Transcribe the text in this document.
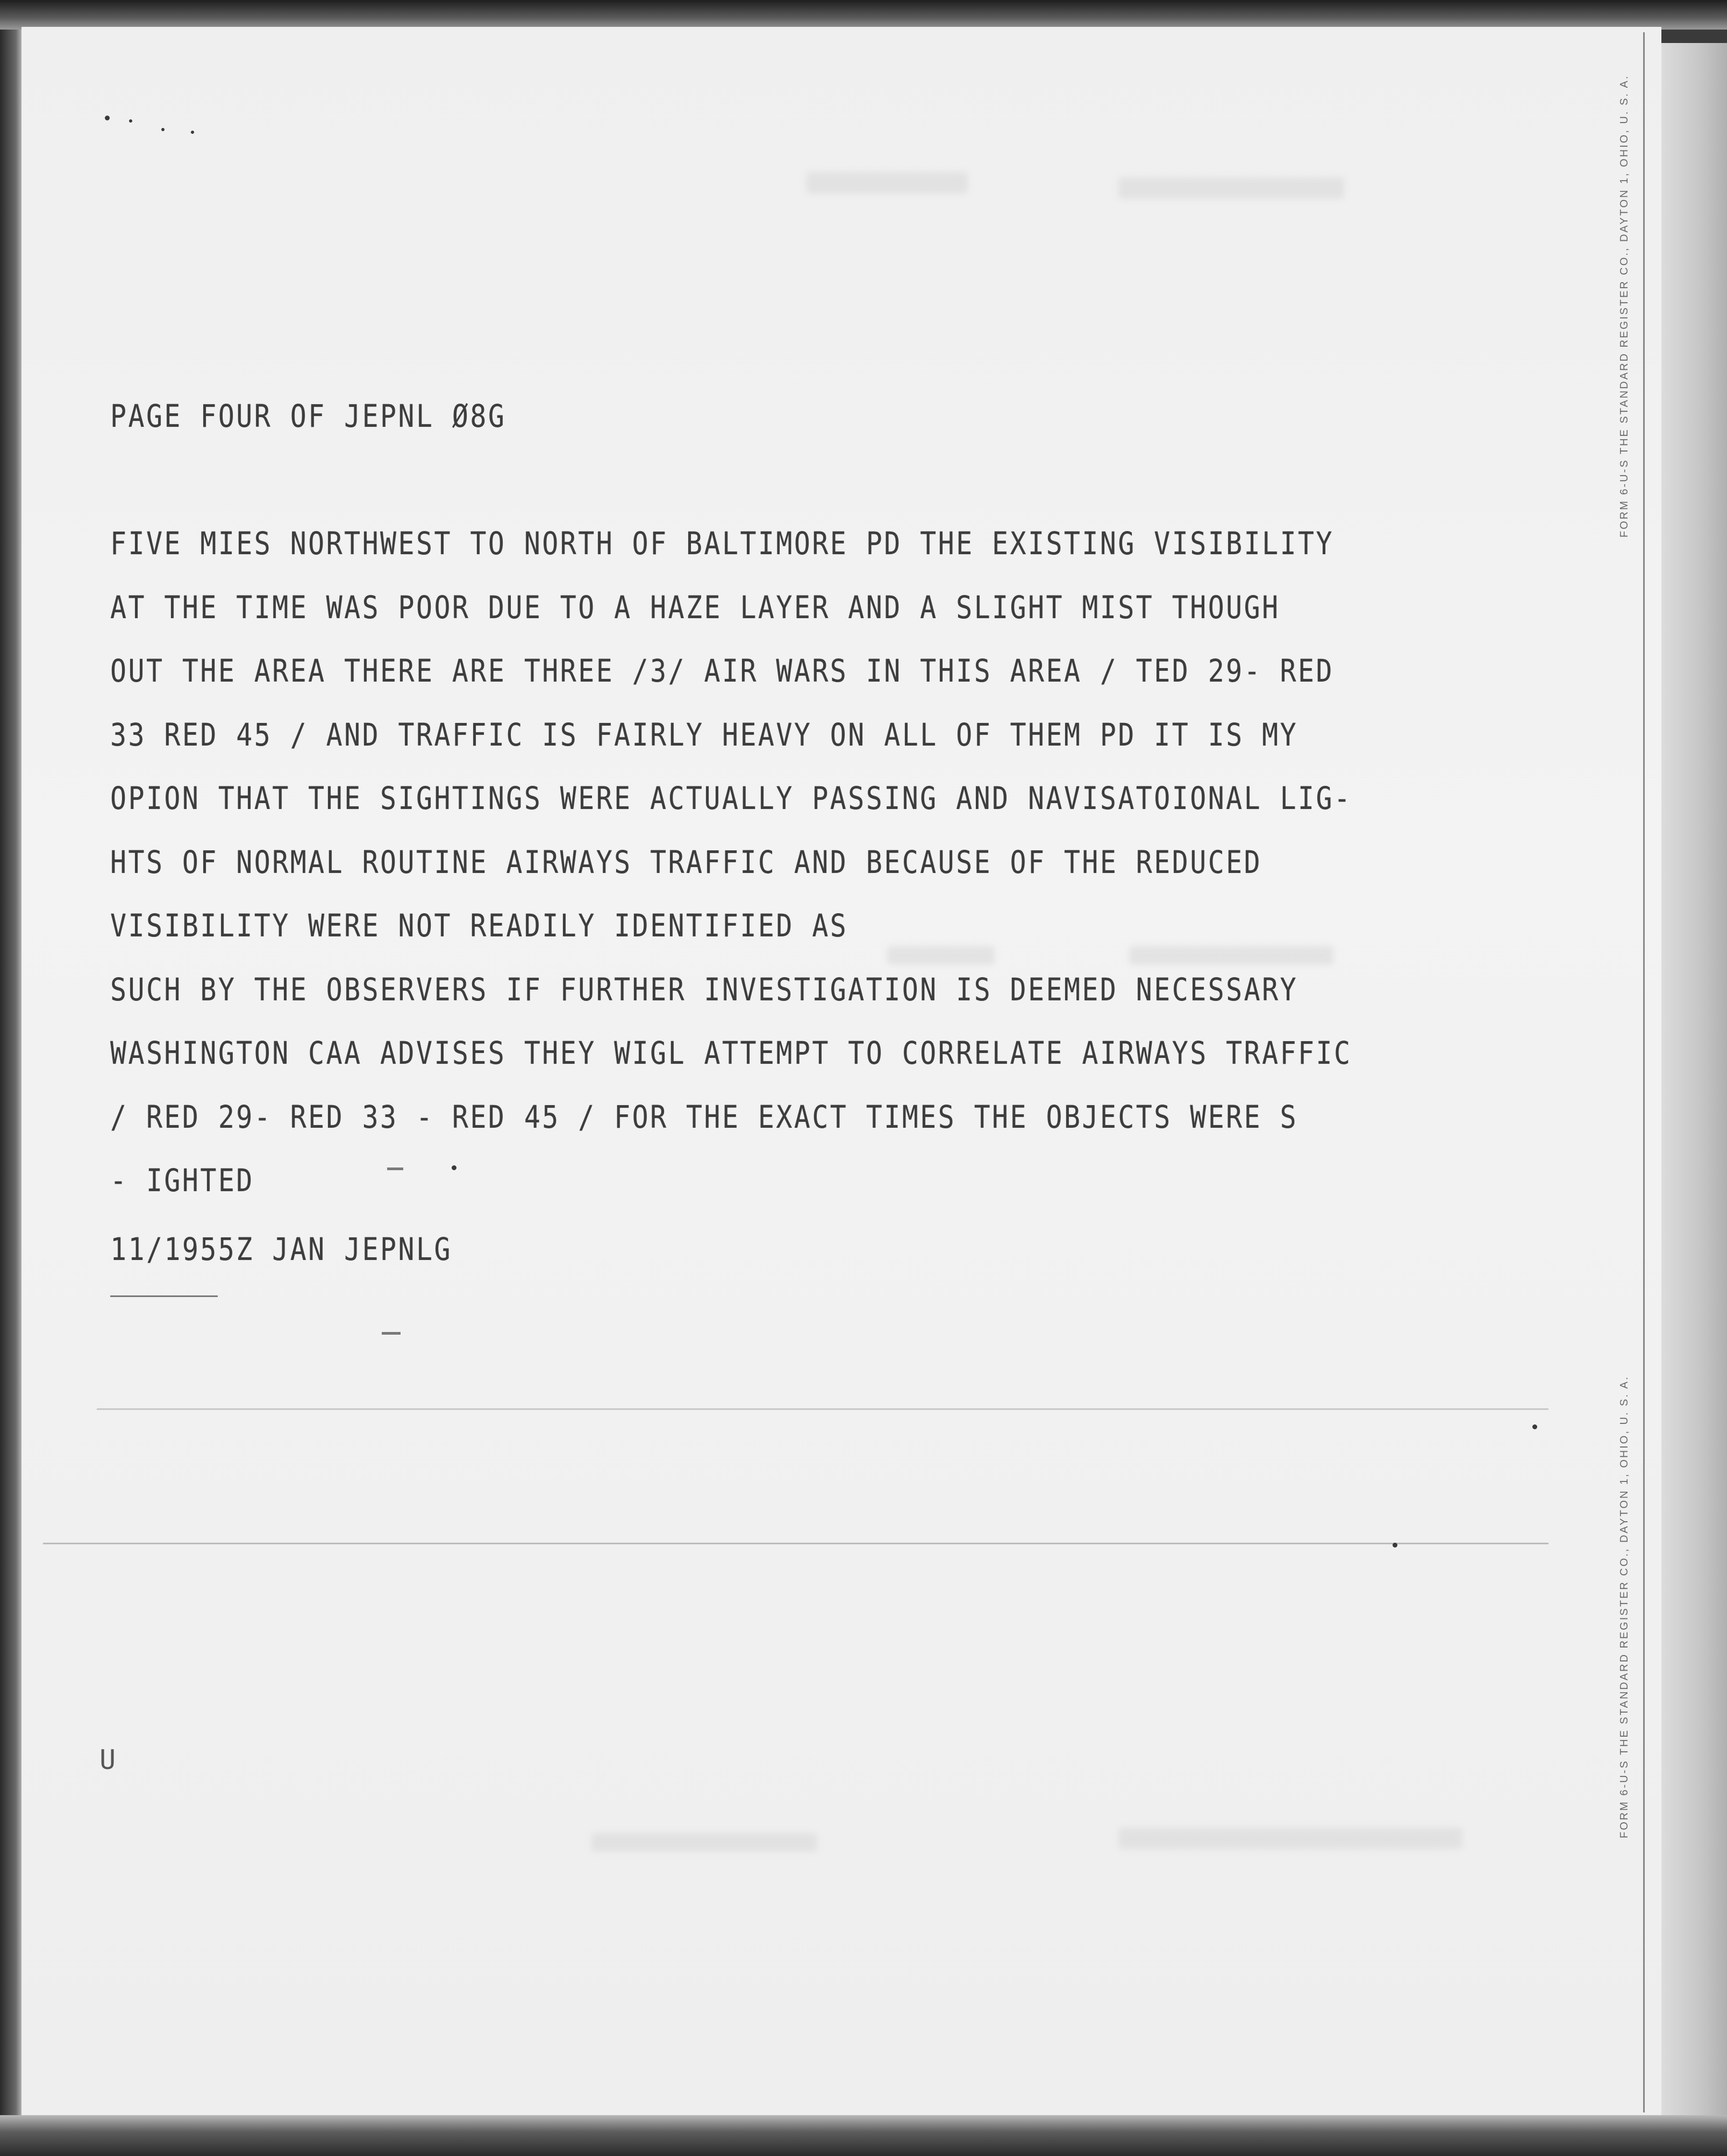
FORM 6-U-S THE STANDARD REGISTER CO., DAYTON 1, OHIO, U. S. A.
FORM 6-U-S THE STANDARD REGISTER CO., DAYTON 1, OHIO, U. S. A.
PAGE FOUR OF JEPNL Ø8G
FIVE MIES NORTHWEST TO NORTH OF BALTIMORE PD THE EXISTING VISIBILITY
AT THE TIME WAS POOR DUE TO A HAZE LAYER AND A SLIGHT MIST THOUGH
OUT THE AREA THERE ARE THREE /3/ AIR WARS IN THIS AREA / TED 29- RED
33 RED 45 / AND TRAFFIC IS FAIRLY HEAVY ON ALL OF THEM PD IT IS MY
OPION THAT THE SIGHTINGS WERE ACTUALLY PASSING AND NAVISATOIONAL LIG-
HTS OF NORMAL ROUTINE AIRWAYS TRAFFIC AND BECAUSE OF THE REDUCED
VISIBILITY WERE NOT READILY IDENTIFIED AS
SUCH BY THE OBSERVERS IF FURTHER INVESTIGATION IS DEEMED NECESSARY
WASHINGTON CAA ADVISES THEY WIGL ATTEMPT TO CORRELATE AIRWAYS TRAFFIC
/ RED 29- RED 33 - RED 45 / FOR THE EXACT TIMES THE OBJECTS WERE S
- IGHTED
11/1955Z JAN JEPNLG
U
